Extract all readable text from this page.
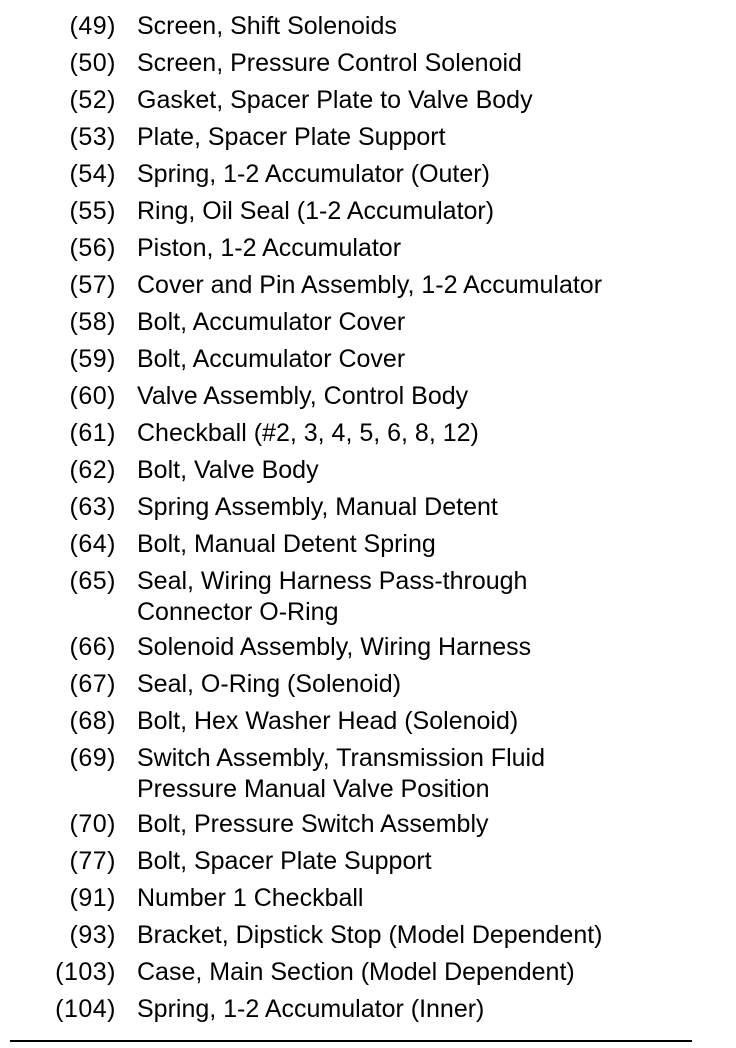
(49) Screen, Shift Solenoids
(50) Screen, Pressure Control Solenoid
(52) Gasket, Spacer Plate to Valve Body
(53) Plate, Spacer Plate Support
(54) Spring, 1-2 Accumulator (Outer)
(55) Ring, Oil Seal (1-2 Accumulator)
(56) Piston, 1-2 Accumulator
(57) Cover and Pin Assembly, 1-2 Accumulator
(58) Bolt, Accumulator Cover
(59) Bolt, Accumulator Cover
(60) Valve Assembly, Control Body
(61) Checkball (#2, 3, 4, 5, 6, 8, 12)
(62) Bolt, Valve Body
(63) Spring Assembly, Manual Detent
(64) Bolt, Manual Detent Spring
(65) Seal, Wiring Harness Pass-through Connector O-Ring
(66) Solenoid Assembly, Wiring Harness
(67) Seal, O-Ring (Solenoid)
(68) Bolt, Hex Washer Head (Solenoid)
(69) Switch Assembly, Transmission Fluid Pressure Manual Valve Position
(70) Bolt, Pressure Switch Assembly
(77) Bolt, Spacer Plate Support
(91) Number 1 Checkball
(93) Bracket, Dipstick Stop (Model Dependent)
(103) Case, Main Section (Model Dependent)
(104) Spring, 1-2 Accumulator (Inner)
